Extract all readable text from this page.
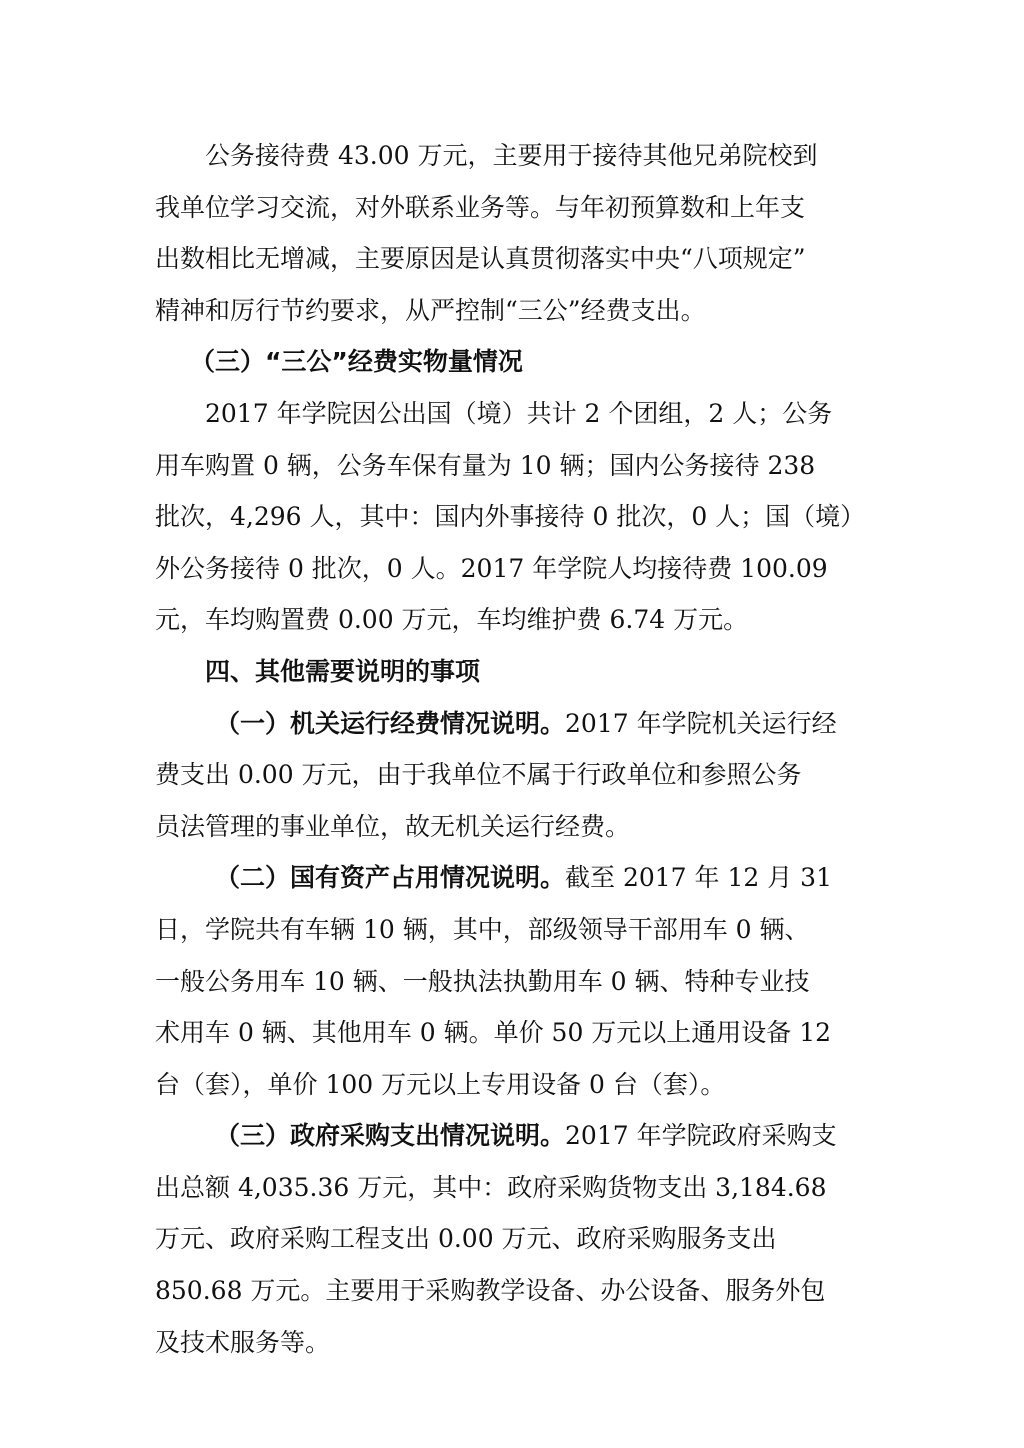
公务接待费 43.00 万元，主要用于接待其他兄弟院校到
我单位学习交流，对外联系业务等。与年初预算数和上年支
出数相比无增减，主要原因是认真贯彻落实中央“八项规定”
精神和厉行节约要求，从严控制“三公”经费支出。
（三）“三公”经费实物量情况
2017 年学院因公出国（境）共计 2 个团组，2 人；公务
用车购置 0 辆，公务车保有量为 10 辆；国内公务接待 238
批次，4,296 人，其中：国内外事接待 0 批次，0 人；国（境）
外公务接待 0 批次，0 人。2017 年学院人均接待费 100.09
元，车均购置费 0.00 万元，车均维护费 6.74 万元。
四、其他需要说明的事项
（一）机关运行经费情况说明。2017 年学院机关运行经
费支出 0.00 万元，由于我单位不属于行政单位和参照公务
员法管理的事业单位，故无机关运行经费。
（二）国有资产占用情况说明。截至 2017 年 12 月 31
日，学院共有车辆 10 辆，其中，部级领导干部用车 0 辆、
一般公务用车 10 辆、一般执法执勤用车 0 辆、特种专业技
术用车 0 辆、其他用车 0 辆。单价 50 万元以上通用设备 12
台（套），单价 100 万元以上专用设备 0 台（套）。
（三）政府采购支出情况说明。2017 年学院政府采购支
出总额 4,035.36 万元，其中：政府采购货物支出 3,184.68
万元、政府采购工程支出 0.00 万元、政府采购服务支出
850.68 万元。主要用于采购教学设备、办公设备、服务外包
及技术服务等。
